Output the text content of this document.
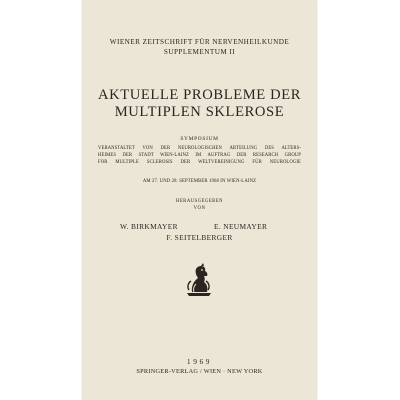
WIENER ZEITSCHRIFT FÜR NERVENHEILKUNDE
SUPPLEMENTUM II
AKTUELLE PROBLEME DER
MULTIPLEN SKLEROSE
SYMPOSIUM
VERANSTALTET VON DER NEUROLOGISCHEN ABTEILUNG DES ALTERS-
HEIMES DER STADT WIEN-LAINZ IM AUFTRAG DER RESEARCH GROUP
FOR MULTIPLE SCLEROSIS DER WELTVEREINIGUNG FÜR NEUROLOGIE
AM 27. UND 28. SEPTEMBER 1968 IN WIEN-LAINZ
HERAUSGEGEBEN
VON
W. BIRKMAYER	E. NEUMAYER
F. SEITELBERGER
1969
SPRINGER-VERLAG / WIEN · NEW YORK
